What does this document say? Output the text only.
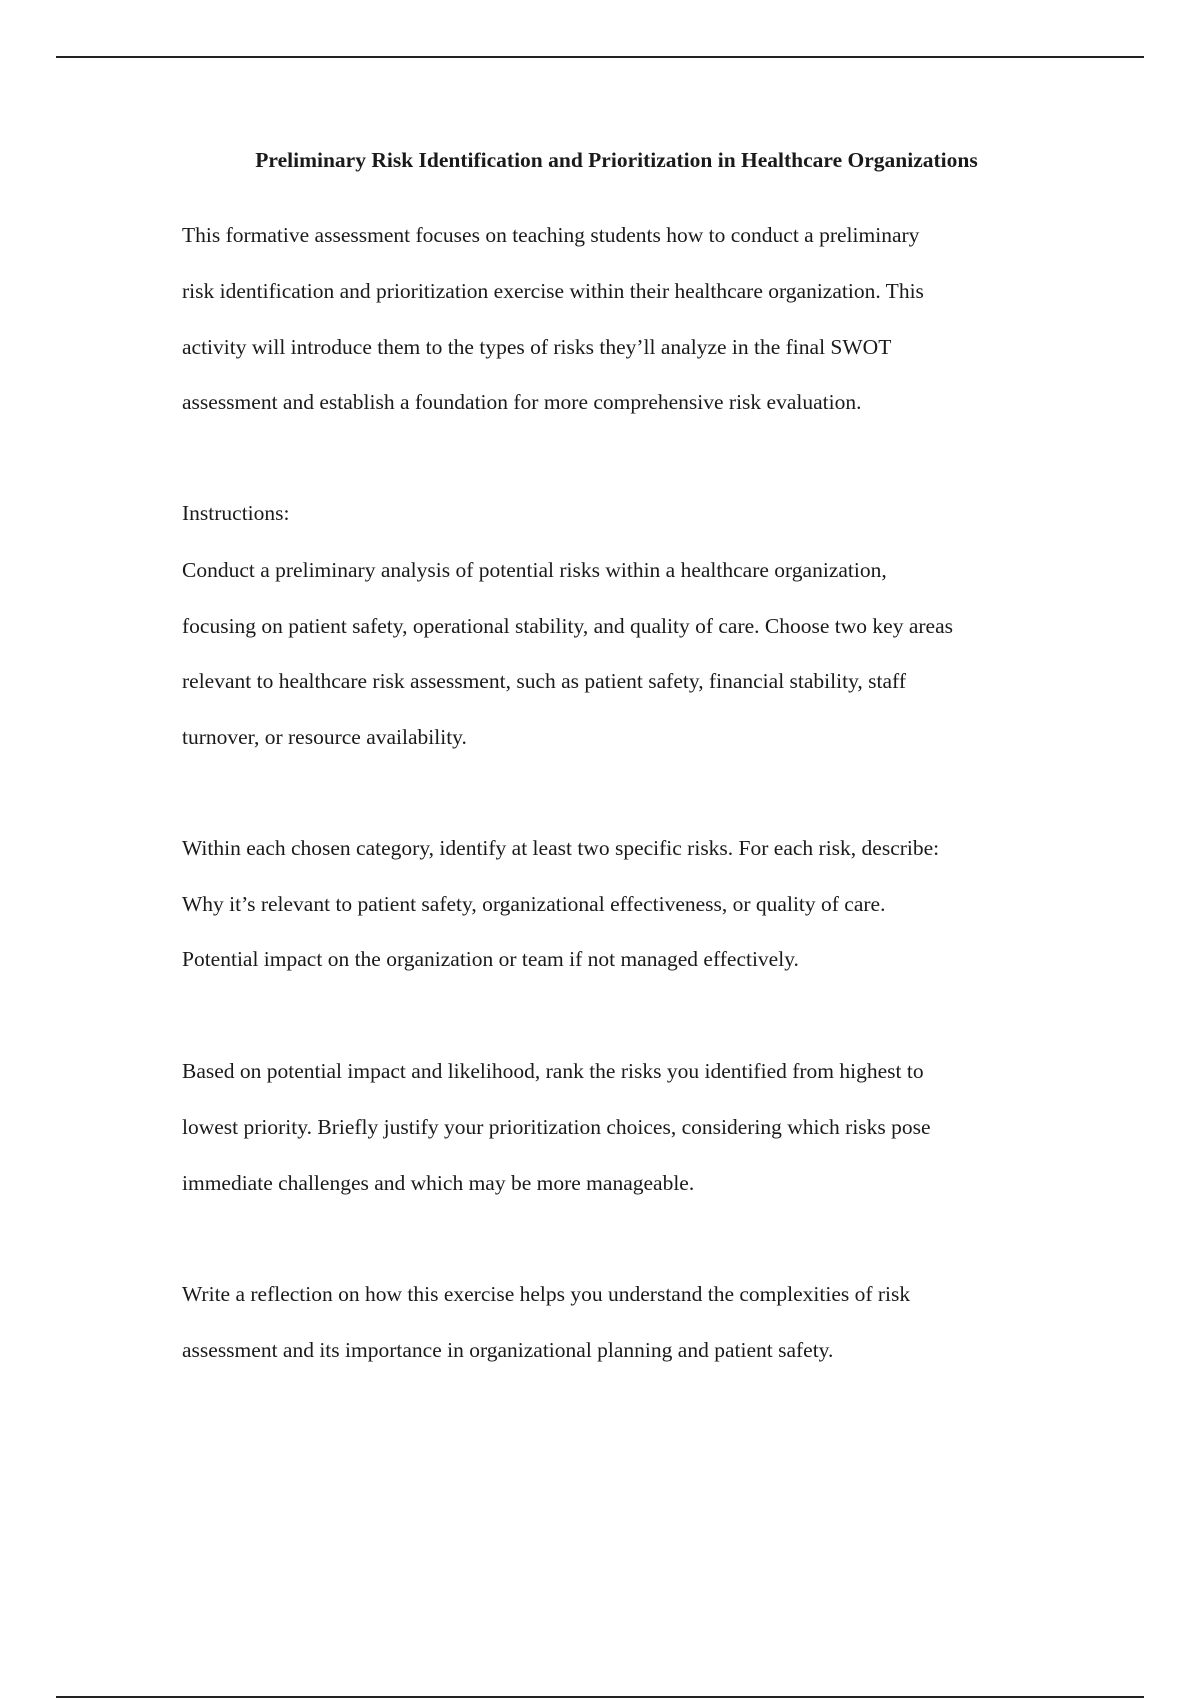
Preliminary Risk Identification and Prioritization in Healthcare Organizations

This formative assessment focuses on teaching students how to conduct a preliminary

risk identification and prioritization exercise within their healthcare organization. This

activity will introduce them to the types of risks they’ll analyze in the final SWOT

assessment and establish a foundation for more comprehensive risk evaluation.

Instructions:

Conduct a preliminary analysis of potential risks within a healthcare organization,

focusing on patient safety, operational stability, and quality of care. Choose two key areas

relevant to healthcare risk assessment, such as patient safety, financial stability, staff

turnover, or resource availability.

Within each chosen category, identify at least two specific risks. For each risk, describe:

Why it’s relevant to patient safety, organizational effectiveness, or quality of care.

Potential impact on the organization or team if not managed effectively.

Based on potential impact and likelihood, rank the risks you identified from highest to

lowest priority. Briefly justify your prioritization choices, considering which risks pose

immediate challenges and which may be more manageable.

Write a reflection on how this exercise helps you understand the complexities of risk

assessment and its importance in organizational planning and patient safety.
